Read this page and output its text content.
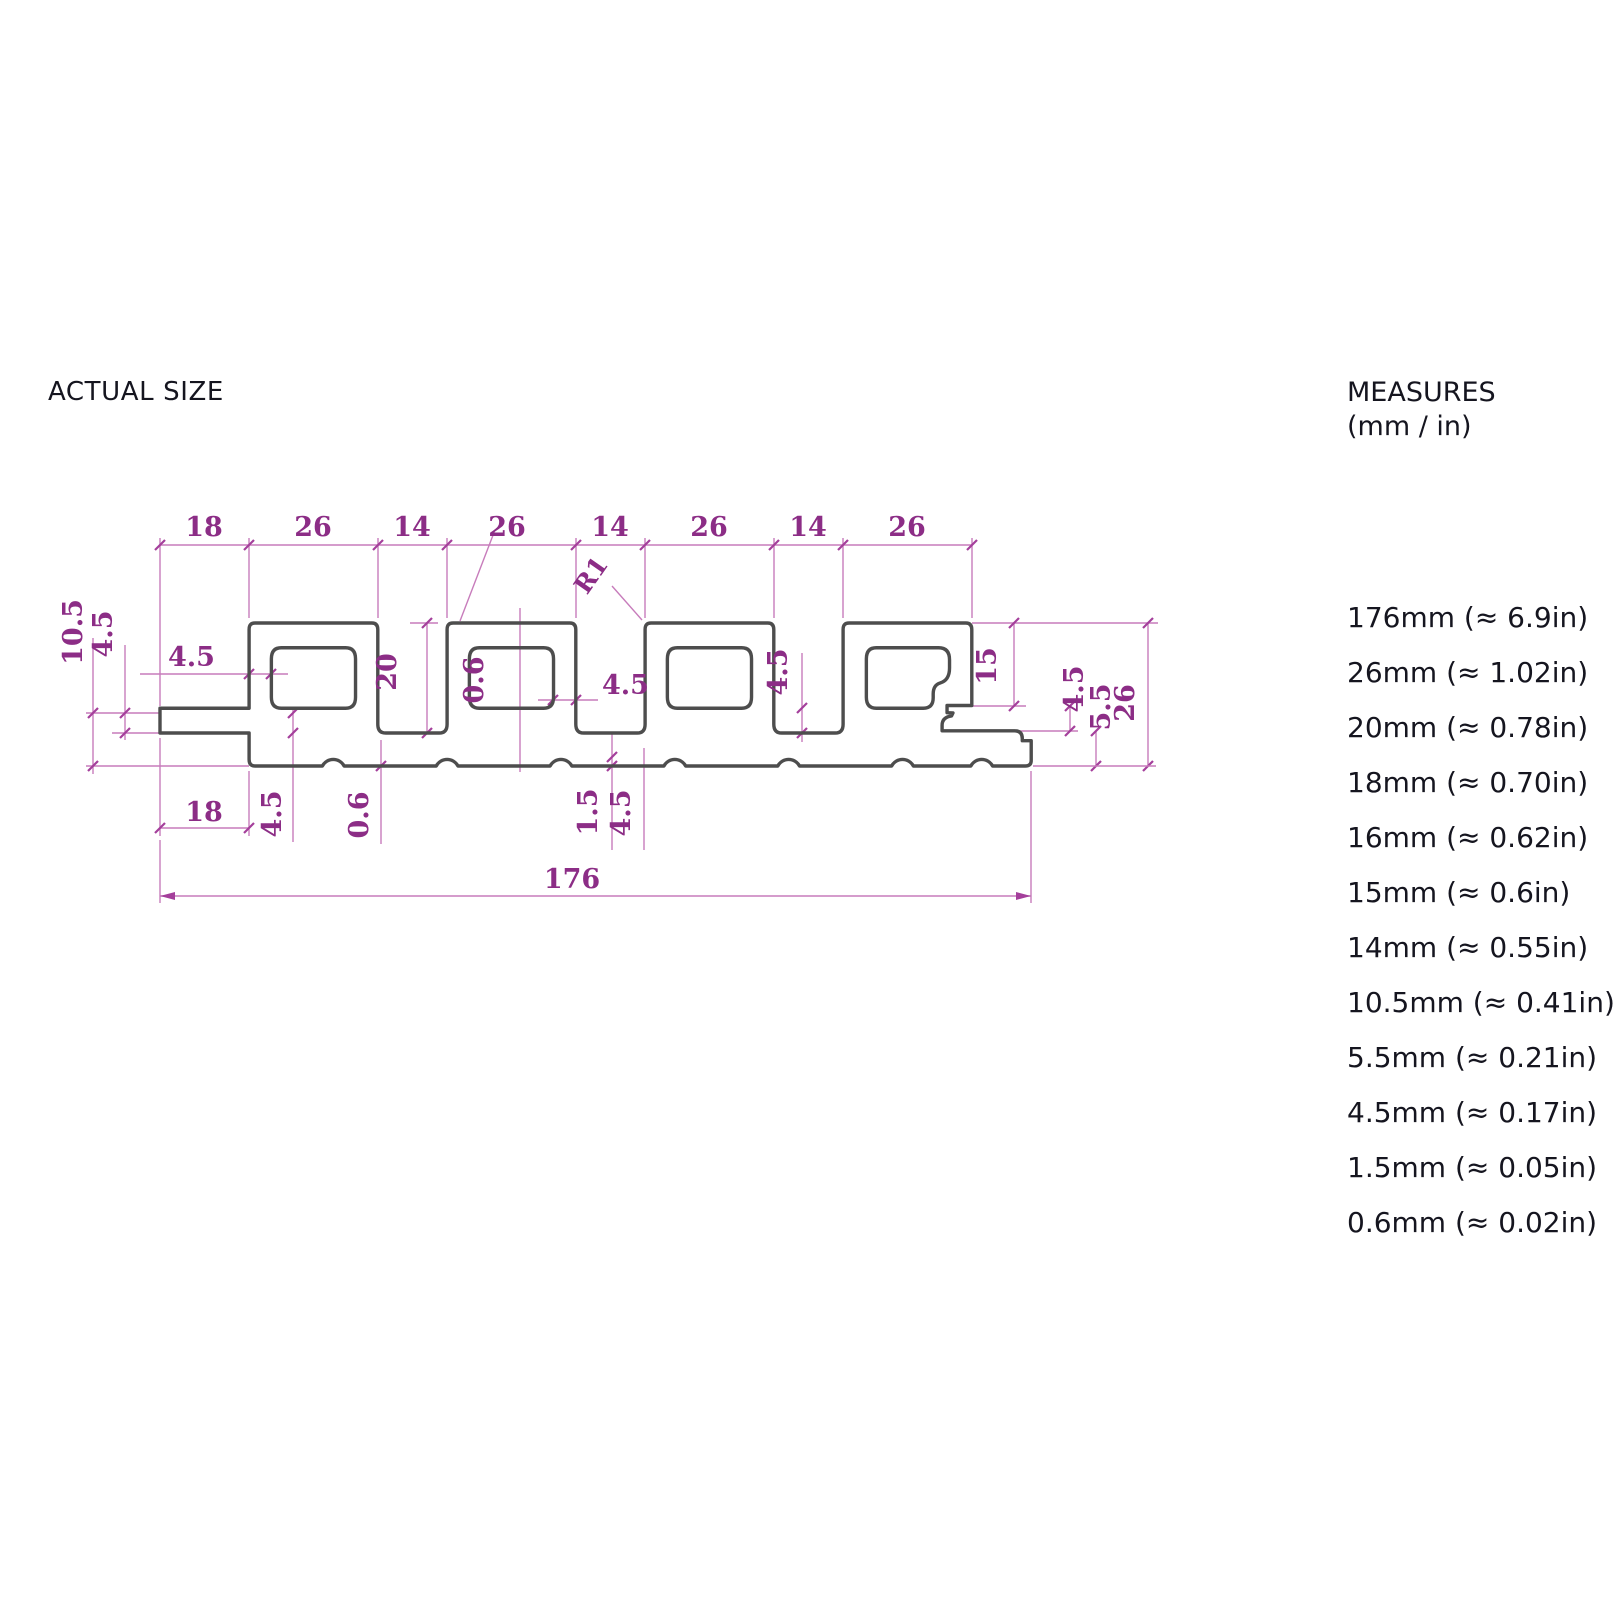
ACTUAL SIZE	MEASURES
(mm / in)
176mm (≈ 6.9in)
26mm (≈ 1.02in)
20mm (≈ 0.78in)
18mm (≈ 0.70in)
16mm (≈ 0.62in)
15mm (≈ 0.6in)
14mm (≈ 0.55in)
10.5mm (≈ 0.41in)
5.5mm (≈ 0.21in)
4.5mm (≈ 0.17in)
1.5mm (≈ 0.05in)
0.6mm (≈ 0.02in)
18	26 14 26 14 26 14 26
R1
10.5 4.5
4.5	20 0.6	4.5	4.5	15 4.5
5.5
26
18 4.5 0.6	1.5 4.5
176
